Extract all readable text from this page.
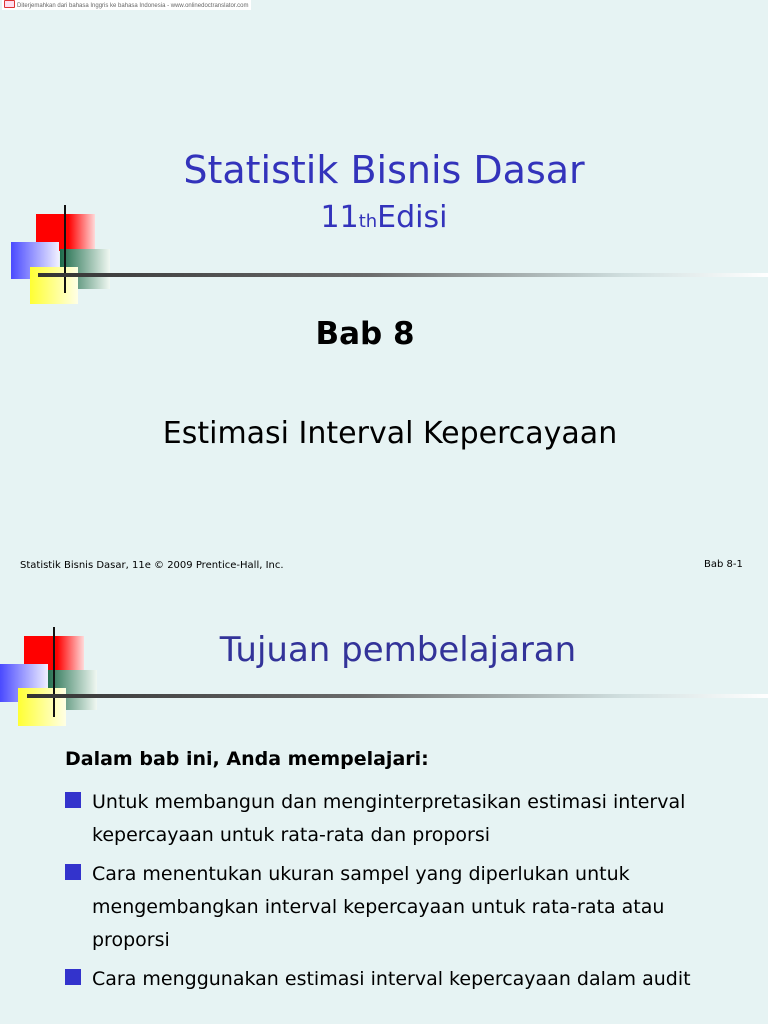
Diterjemahkan dari bahasa Inggris ke bahasa Indonesia - www.onlinedoctranslator.com
Statistik Bisnis Dasar
11thEdisi
Bab 8
Estimasi Interval Kepercayaan
Statistik Bisnis Dasar, 11e © 2009 Prentice-Hall, Inc.	Bab 8-1
Tujuan pembelajaran
Dalam bab ini, Anda mempelajari:
Untuk membangun dan menginterpretasikan estimasi interval kepercayaan untuk rata-rata dan proporsi
Cara menentukan ukuran sampel yang diperlukan untuk mengembangkan interval kepercayaan untuk rata-rata atau proporsi
Cara menggunakan estimasi interval kepercayaan dalam audit
